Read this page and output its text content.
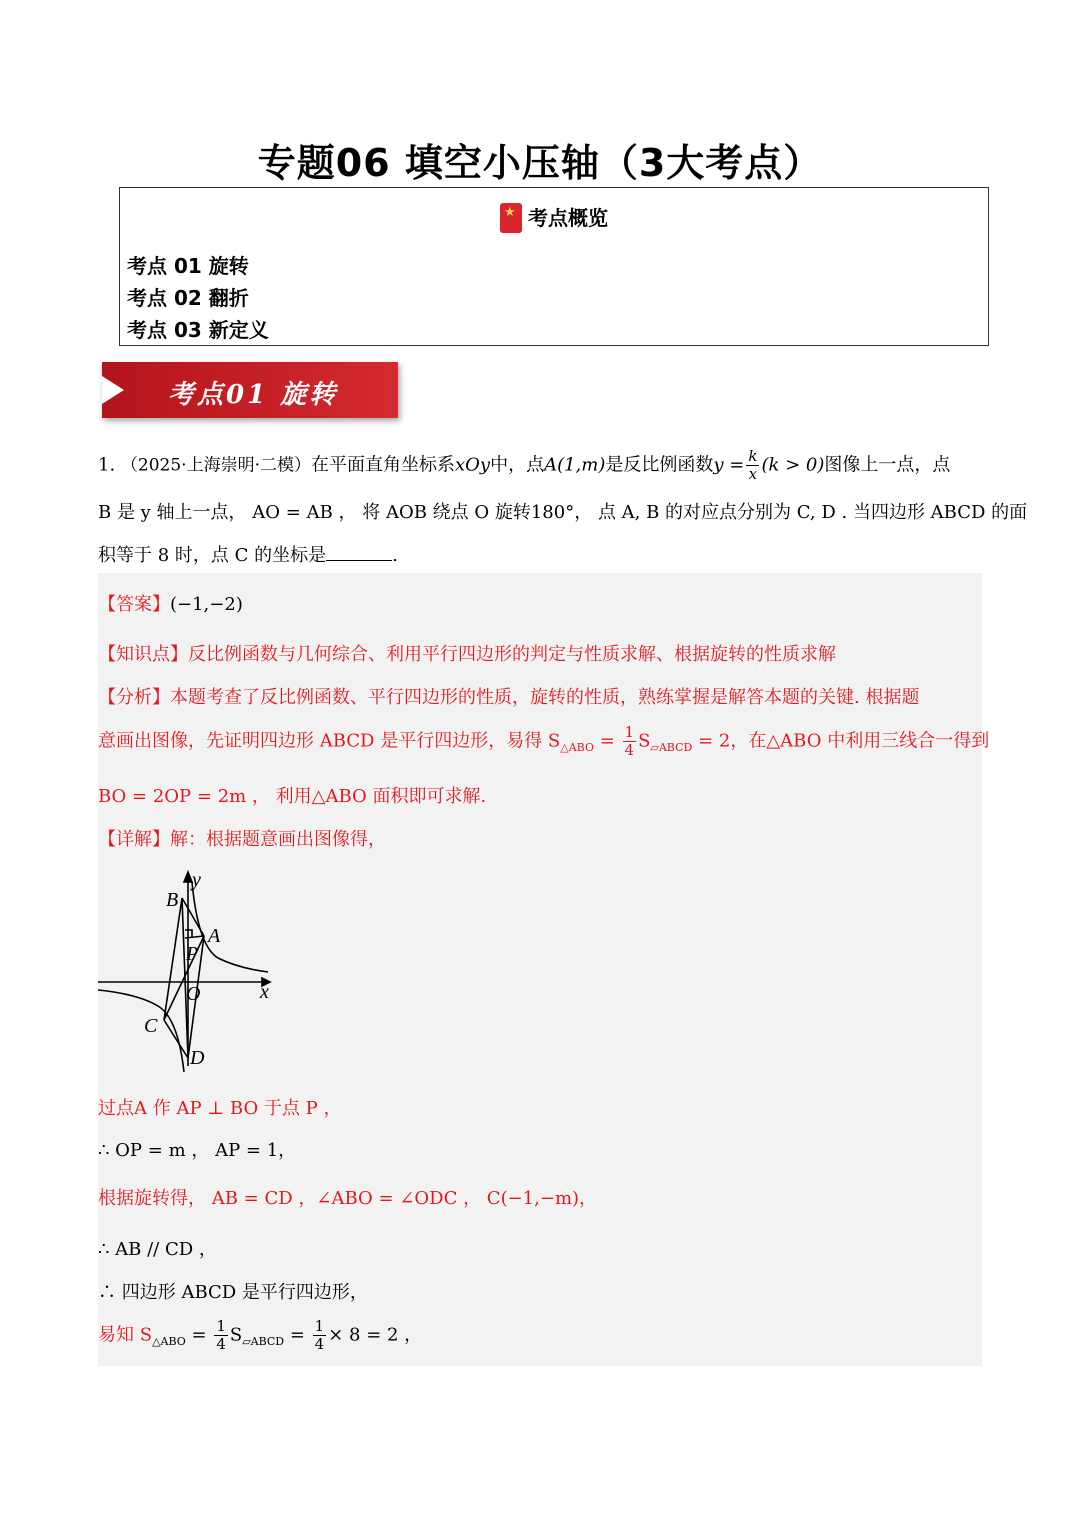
专题06 填空小压轴（3大考点）
★考点概览
考点 01 旋转
考点 02 翻折
考点 03 新定义
考点01 旋转
1. （2025·上海崇明·二模）在平面直角坐标系xOy中，点A(1,m)是反比例函数$y = \frac{k}{x} (k > 0)$图像上一点，点
B 是 y 轴上一点， AO = AB ， 将 AOB 绕点 O 旋转180°， 点 A, B 的对应点分别为 C, D . 当四边形 ABCD 的面
积等于 8 时，点 C 的坐标是	.
【答案】(−1,−2)
【知识点】反比例函数与几何综合、利用平行四边形的判定与性质求解、根据旋转的性质求解
【分析】本题考查了反比例函数、平行四边形的性质，旋转的性质，熟练掌握是解答本题的关键. 根据题
意画出图像，先证明四边形 ABCD 是平行四边形，易得 $S_{\triangle ABO} = \frac{1}{4} S_{▱ABCD} = 2$，在△ABO 中利用三线合一得到
BO = 2OP = 2m ， 利用△ABO 面积即可求解.
【详解】解：根据题意画出图像得，
B
y
A
P
O	x
C
D
过点A 作 AP ⊥ BO 于点 P ，
∴ OP = m ， AP = 1，
根据旋转得， AB = CD ，∠ABO = ∠ODC ， C(−1,−m)，
∴ AB // CD ，
∴ 四边形 ABCD 是平行四边形，
易知 $S_{\triangle ABO} = \frac{1}{4} S_{▱ABCD} = \frac{1}{4} \times 8 = 2$ ，
